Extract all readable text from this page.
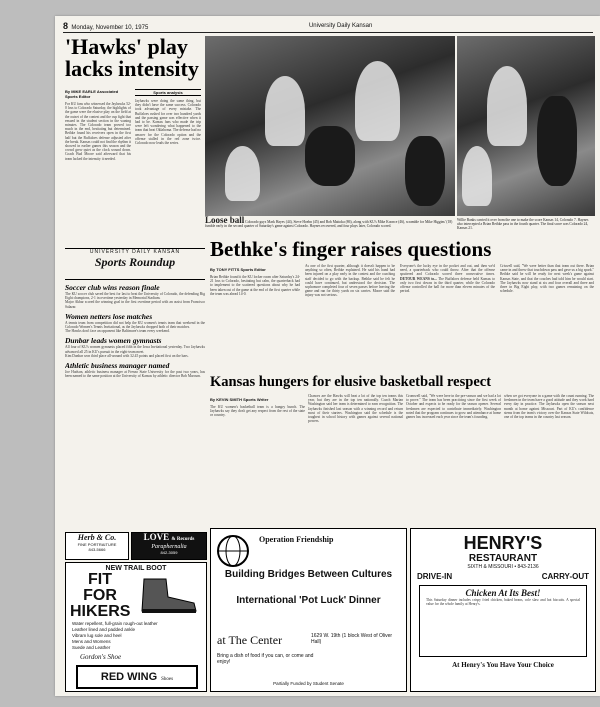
8 Monday, November 10, 1975	University Daily Kansan
'Hawks' play lacks intensity
By MIKE EARLE Associated Sports Editor
For KU fans who witnessed the Jayhawks 52-0 loss to Colorado Saturday, the highlights of the game were the elusive play on the field at the outset of the contest and the cup fight that ensued in the student section in the waning minutes. The Colorado team proved too much in the end, hesitating but determined. Bethke found his receivers open in the first half but the Buffaloes defense adjusted after the break. Kansas could not find the rhythm it showed in earlier games this season and the crowd grew quiet as the clock wound down. Coach Bud Moore said afterward that his team lacked the intensity it needed.
Sports analysis
Jayhawks were doing the same thing, but they didn't have the same success. Colorado took advantage of every mistake. The Buffaloes rushed for over two hundred yards and the passing game was effective when it had to be. Kansas fans who made the trip were left wondering what happened to the team that beat Oklahoma. The defense had no answer for the Colorado option and the offense stalled in the red zone twice. Colorado now leads the series.
Loose ball Colorado guys Mark Hayes (44), Steve Hoehn (45) and Bob Mattoka (86), along with KU's Mike Koonce (46), scramble for Mike Higgins' (18) fumble early in the second quarter of Saturday's game against Colorado. Haynes recovered, and four plays later, Colorado scored.
Willie Banks carried it over from the one to make the score Kansas 14, Colorado 7. Haynes also intercepted a Brian Bethke pass in the fourth quarter. The final score was Colorado 24, Kansas 21.
Bethke's finger raises questions
By TONY FITTS Sports Editor
Brian Bethke found it the KU locker room after Saturday's 24-21 loss to Colorado, hesitating but calm, the quarterback had to implement to the scattered questions about why he had been taken out of the game at the end of the first quarter while the team was ahead 14-0.
As one of the first quarter, although it doesn't happen to be anything so often, Bethke explained. He said his hand had been injured on a play early in the contest and the coaching staff decided to go with the backup. Bethke said he felt he could have continued, but understood the decision. The sophomore completed four of seven passes before leaving the game and ran for thirty yards on six carries. Moore said the injury was not serious.
Everyone's the lucky eye in the pocket and out, and then we'd need, a quarterback who could throw. After that the offense sputtered and Colorado scored three consecutive times. DETOUR WEANS to... The Buffaloes defense held Kansas to only two first downs in the third quarter, while the Colorado offense controlled the ball for more than eleven minutes of the period.
Criswell said, "We were better than that team out there. Brian came in and threw that touchdown pass and gave us a big spark." Bethke said he will be ready for next week's game against Kansas State, and that the coaches had told him he would start. The Jayhawks now stand at six and four overall and three and three in Big Eight play, with two games remaining on the schedule.
Kansas hungers for elusive basketball respect
By KEVIN SMITH Sports Writer
The KU women's basketball team is a hungry bunch. The Jayhawks say they don't get any respect from the rest of the state or country.
Chances are the Hawks will beat a lot of the top ten teams this year, but they are in the top ten nationally. Coach Marian Washington said her team is determined to earn recognition. The Jayhawks finished last season with a winning record and return most of their starters. Washington said the schedule is the toughest in school history with games against several national powers.
Cromwell said, "We were here in the pre-season and we had a lot to prove." The team has been practicing since the first week of October and expects to be ready for the season opener. Several freshmen are expected to contribute immediately. Washington noted that the program continues to grow and attendance at home games has increased each year since the team's founding.
when we got everyone in a game with the count running. The freshmen in the team have a good attitude and they work hard every day in practice. The Jayhawks open the season next month at home against Missouri. Part of KU's confidence stems from the team's victory over the Kansas State Wildcats, one of the top teams in the country last season.
UNIVERSITY DAILY KANSAN
Sports Roundup
Soccer club wins reason finale
The KU soccer club saved the best for last to beat the University of Colorado, the defending Big Eight champions, 2-1 in overtime yesterday in Memorial Stadium.
Major Akbar scored the winning goal in the first overtime period with an assist from Francisco Salazar.
Women netters lose matches
A tennis team from competition did not help the KU women's tennis team that weekend in the Colorado Women's Tennis Invitational, as the Jayhawks dropped both of their matches.
The Hawks don't face an opponent like Baltimore's team every weekend.
Dunbar leads women gymnasts
All four of KU's women gymnasts placed fifth in the Iowa Invitational yesterday. Two Jayhawks advanced all 25 in KU's pursuit in the eight-team meet.
Kim Dunbar won third place all-around with 32.45 points and placed first on the bars.
Athletic business manager named
Joe Hudson, athletic business manager at Fresno State University for the past two years, has been named to the same position at the University of Kansas by athletic director Bob Marcum.
Herb & Co.
FINE PORTRAITURE
843-5666
LOVE & Records
Paraphernalia
842-3059
NEW TRAIL BOOT
FIT FOR HIKERS
Water repellent, full-grain rough-out leather
Leather lined and padded ankle
Vibram lug sole and heel
Mens and Womens
Suede and Leather
Gordon's Shoe
RED WING Shoes
Operation Friendship
Building Bridges Between Cultures
International 'Pot Luck' Dinner
at The Center	1629 W. 19th (1 block West of Oliver Hall)
Bring a dish of food if you can, or come and enjoy!
Partially Funded by Student Senate
HENRY'S
RESTAURANT
SIXTH & MISSOURI • 843-2136
DRIVE-IN	CARRY-OUT
Chicken At Its Best!
This Saturday dinner includes crispy fried chicken, baked beans, cole slaw and hot biscuits. A special value for the whole family at Henry's.
At Henry's You Have Your Choice
